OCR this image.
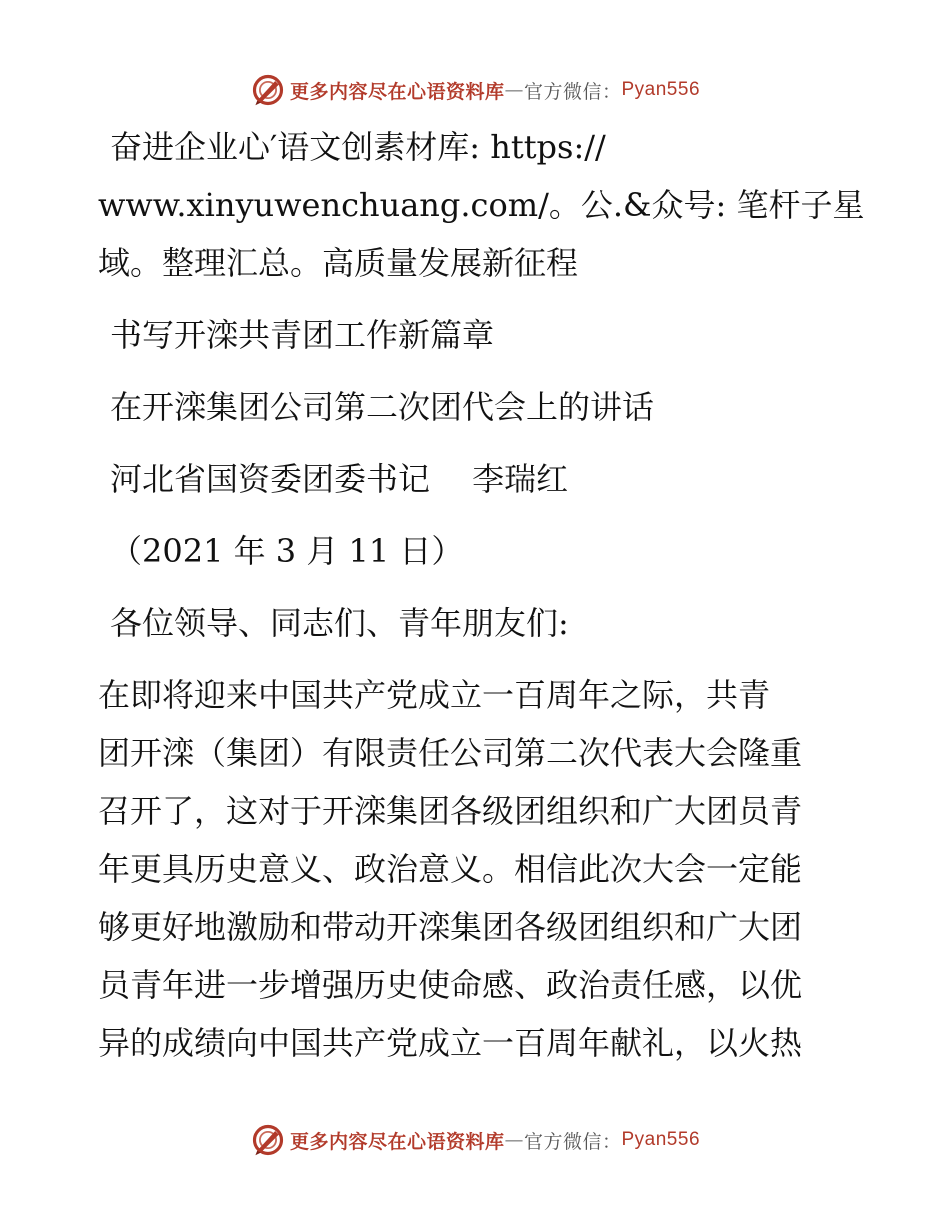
更多内容尽在心语资料库 — 官方微信： Pyan556

奋进企业心′语文创素材库: https://

www.xinyuwenchuang.com/。公.&众号: 笔杆子星

域。整理汇总。高质量发展新征程

书写开滦共青团工作新篇章

在开滦集团公司第二次团代会上的讲话

河北省国资委团委书记　 李瑞红

（2021 年 3 月 11 日）

各位领导、同志们、青年朋友们:

在即将迎来中国共产党成立一百周年之际，共青

团开滦（集团）有限责任公司第二次代表大会隆重

召开了，这对于开滦集团各级团组织和广大团员青

年更具历史意义、政治意义。相信此次大会一定能

够更好地激励和带动开滦集团各级团组织和广大团

员青年进一步增强历史使命感、政治责任感，以优

异的成绩向中国共产党成立一百周年献礼，以火热

更多内容尽在心语资料库 — 官方微信： Pyan556
